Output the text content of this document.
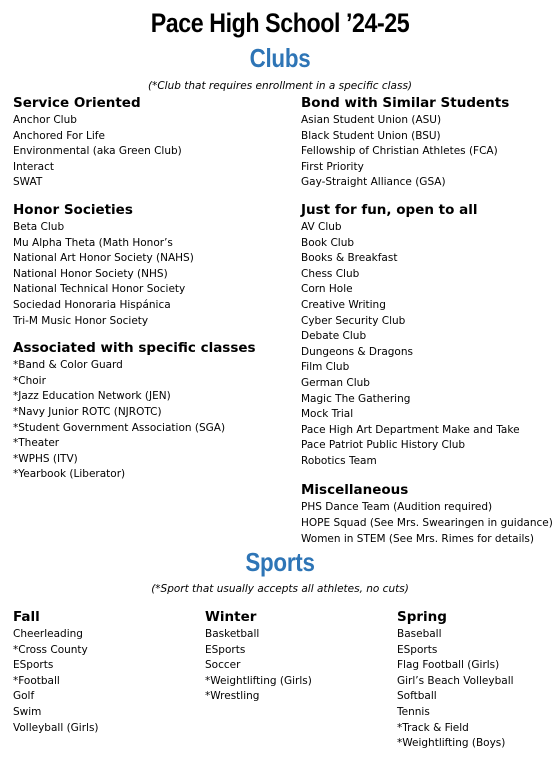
Pace High School ’24-25
Clubs
(*Club that requires enrollment in a specific class)
Service Oriented
Anchor Club
Anchored For Life
Environmental (aka Green Club)
Interact
SWAT
Honor Societies
Beta Club
Mu Alpha Theta (Math Honor’s
National Art Honor Society (NAHS)
National Honor Society (NHS)
National Technical Honor Society
Sociedad Honoraria Hispánica
Tri-M Music Honor Society
Associated with specific classes
*Band & Color Guard
*Choir
*Jazz Education Network (JEN)
*Navy Junior ROTC (NJROTC)
*Student Government Association (SGA)
*Theater
*WPHS (ITV)
*Yearbook (Liberator)
Bond with Similar Students
Asian Student Union (ASU)
Black Student Union (BSU)
Fellowship of Christian Athletes (FCA)
First Priority
Gay-Straight Alliance (GSA)
Just for fun, open to all
AV Club
Book Club
Books & Breakfast
Chess Club
Corn Hole
Creative Writing
Cyber Security Club
Debate Club
Dungeons & Dragons
Film Club
German Club
Magic The Gathering
Mock Trial
Pace High Art Department Make and Take
Pace Patriot Public History Club
Robotics Team
Miscellaneous
PHS Dance Team (Audition required)
HOPE Squad (See Mrs. Swearingen in guidance)
Women in STEM (See Mrs. Rimes for details)
Sports
(*Sport that usually accepts all athletes, no cuts)
Fall
Cheerleading
*Cross County
ESports
*Football
Golf
Swim
Volleyball (Girls)
Winter
Basketball
ESports
Soccer
*Weightlifting (Girls)
*Wrestling
Spring
Baseball
ESports
Flag Football (Girls)
Girl’s Beach Volleyball
Softball
Tennis
*Track & Field
*Weightlifting (Boys)
